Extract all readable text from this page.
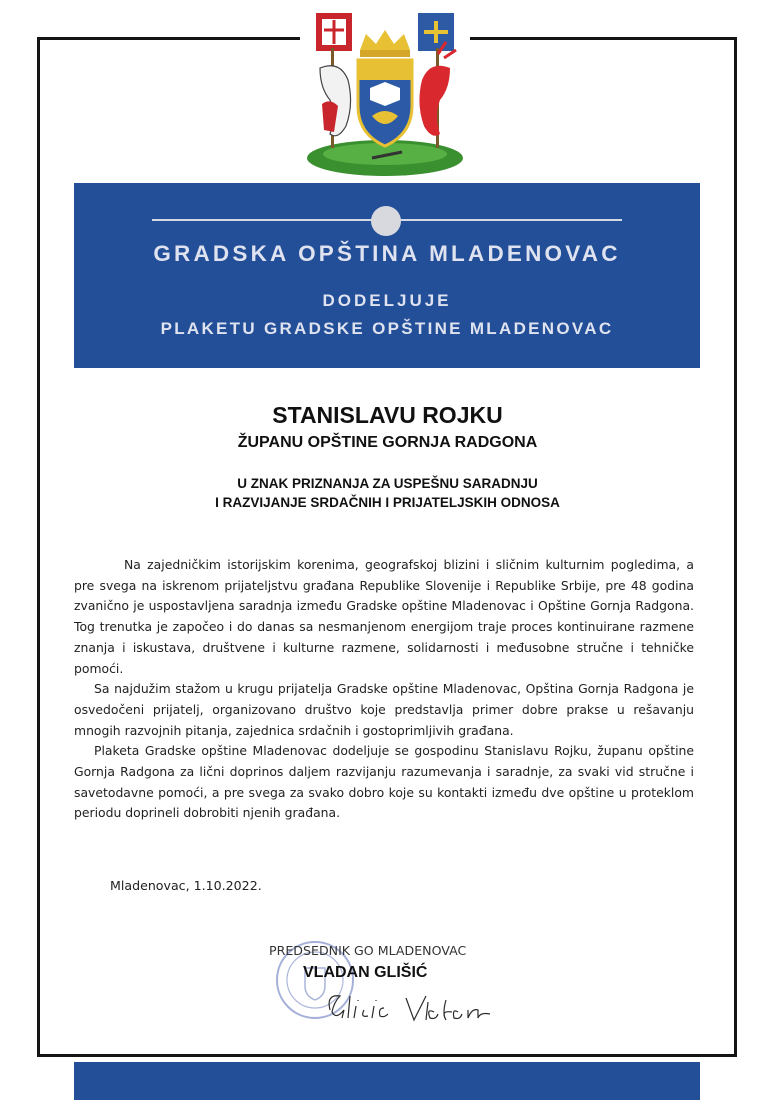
GRADSKA OPŠTINA MLADENOVAC
DODELJUJE
PLAKETU GRADSKE OPŠTINE MLADENOVAC
STANISLAVU ROJKU
ŽUPANU OPŠTINE GORNJA RADGONA
U ZNAK PRIZNANJA ZA USPEŠNU SARADNJU
I RAZVIJANJE SRDAČNIH I PRIJATELJSKIH ODNOSA

Na zajedničkim istorijskim korenima, geografskoj blizini i sličnim kulturnim pogledima, a pre svega na iskrenom prijateljstvu građana Republike Slovenije i Republike Srbije, pre 48 godina zvanično je uspostavljena saradnja između Gradske opštine Mladenovac i Opštine Gornja Radgona. Tog trenutka je započeo i do danas sa nesmanjenom energijom traje proces kontinuirane razmene znanja i iskustava, društvene i kulturne razmene, solidarnosti i međusobne stručne i tehničke pomoći.

Sa najdužim stažom u krugu prijatelja Gradske opštine Mladenovac, Opština Gornja Radgona je osvedočeni prijatelj, organizovano društvo koje predstavlja primer dobre prakse u rešavanju mnogih razvojnih pitanja, zajednica srdačnih i gostoprimljivih građana.

Plaketa Gradske opštine Mladenovac dodeljuje se gospodinu Stanislavu Rojku, županu opštine Gornja Radgona za lični doprinos daljem razvijanju razumevanja i saradnje, za svaki vid stručne i savetodavne pomoći, a pre svega za svako dobro koje su kontakti između dve opštine u proteklom periodu doprineli dobrobiti njenih građana.

Mladenovac, 1.10.2022.
PREDSEDNIK GO MLADENOVAC
VLADAN GLIŠIĆ
